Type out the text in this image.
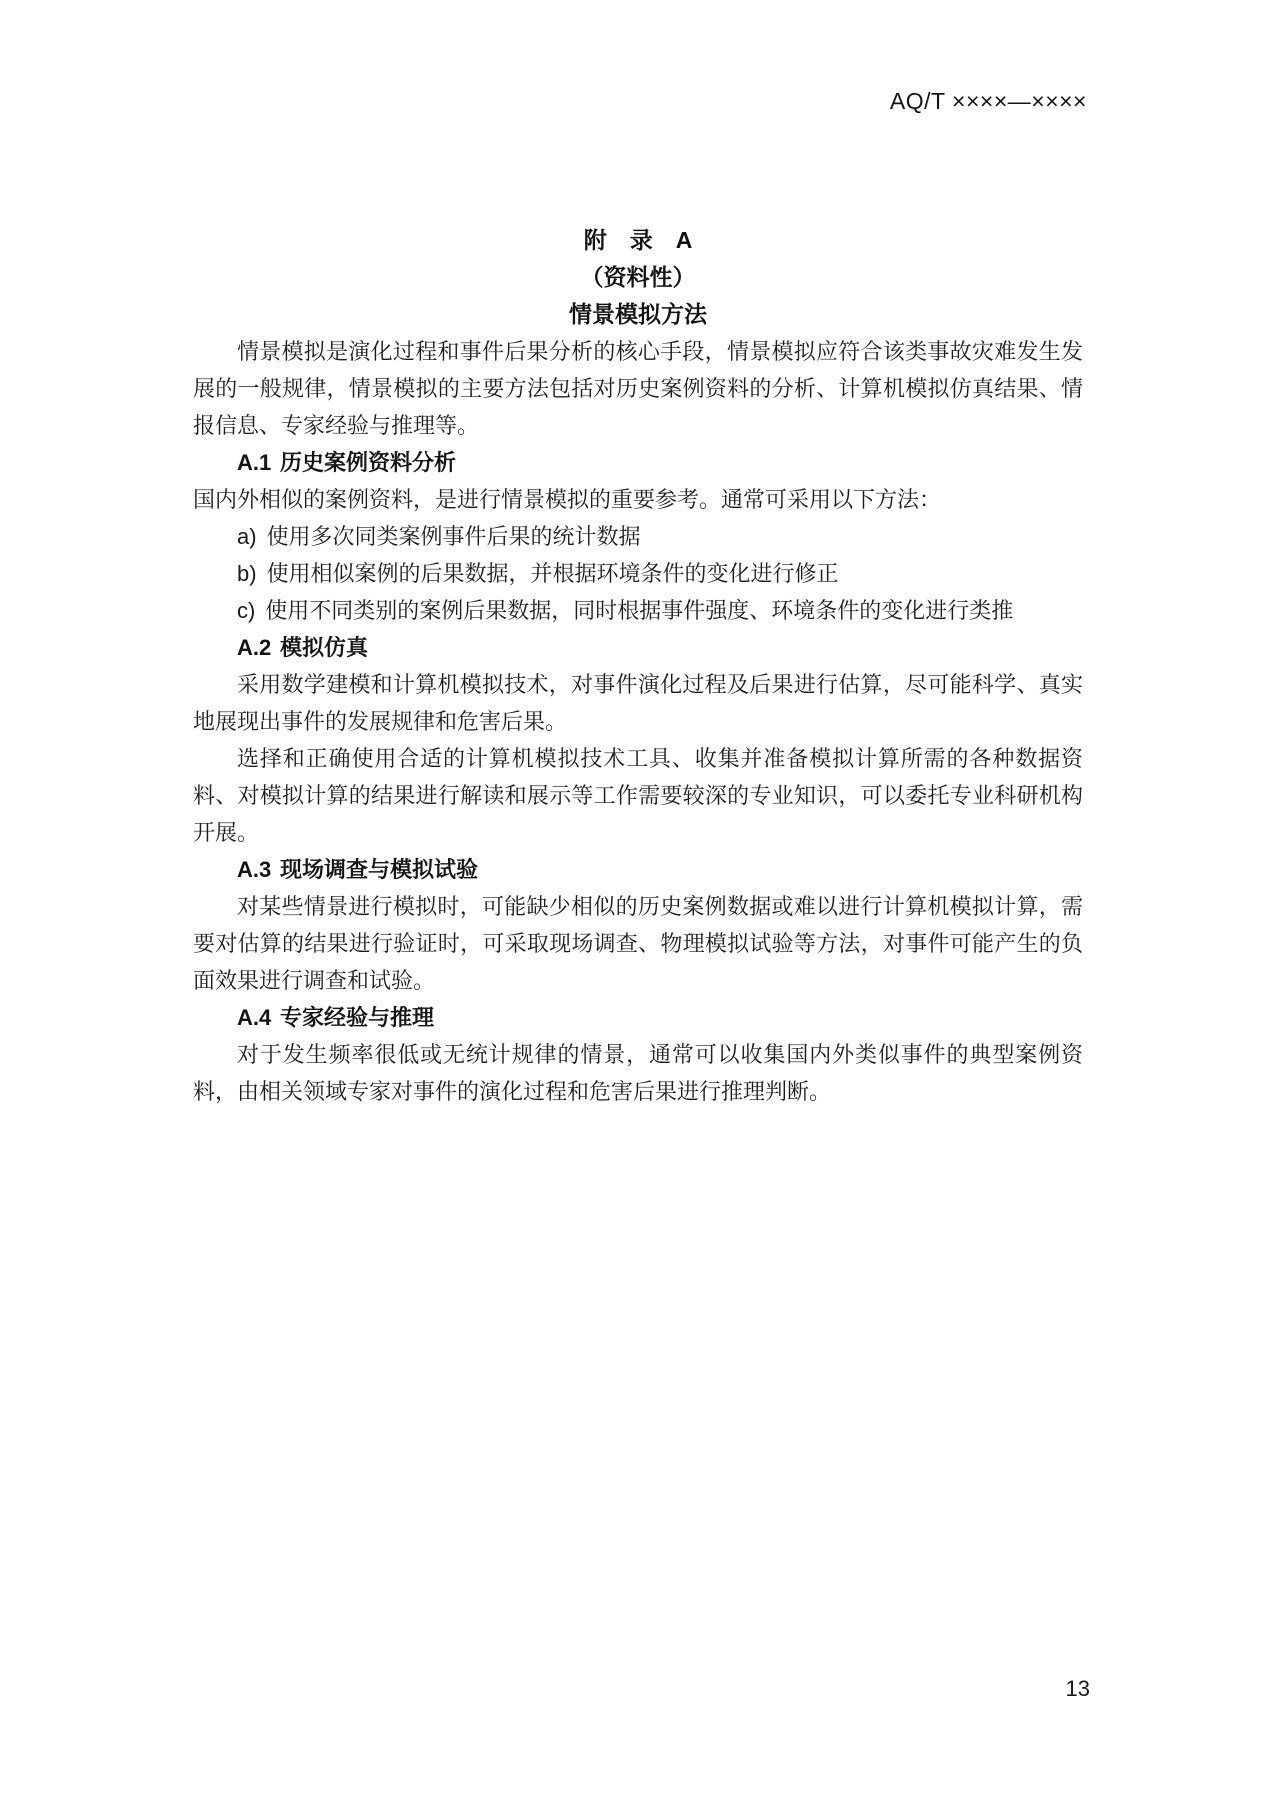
AQ/T ××××—××××
附　录　A
（资料性）
情景模拟方法

情景模拟是演化过程和事件后果分析的核心手段，情景模拟应符合该类事故灾难发生发展的一般规律，情景模拟的主要方法包括对历史案例资料的分析、计算机模拟仿真结果、情报信息、专家经验与推理等。

A.1 历史案例资料分析

国内外相似的案例资料，是进行情景模拟的重要参考。通常可采用以下方法：

a) 使用多次同类案例事件后果的统计数据
b) 使用相似案例的后果数据，并根据环境条件的变化进行修正
c) 使用不同类别的案例后果数据，同时根据事件强度、环境条件的变化进行类推
A.2 模拟仿真

采用数学建模和计算机模拟技术，对事件演化过程及后果进行估算，尽可能科学、真实地展现出事件的发展规律和危害后果。

选择和正确使用合适的计算机模拟技术工具、收集并准备模拟计算所需的各种数据资料、对模拟计算的结果进行解读和展示等工作需要较深的专业知识，可以委托专业科研机构开展。

A.3 现场调查与模拟试验

对某些情景进行模拟时，可能缺少相似的历史案例数据或难以进行计算机模拟计算，需要对估算的结果进行验证时，可采取现场调查、物理模拟试验等方法，对事件可能产生的负面效果进行调查和试验。

A.4 专家经验与推理

对于发生频率很低或无统计规律的情景，通常可以收集国内外类似事件的典型案例资料，由相关领域专家对事件的演化过程和危害后果进行推理判断。

13
